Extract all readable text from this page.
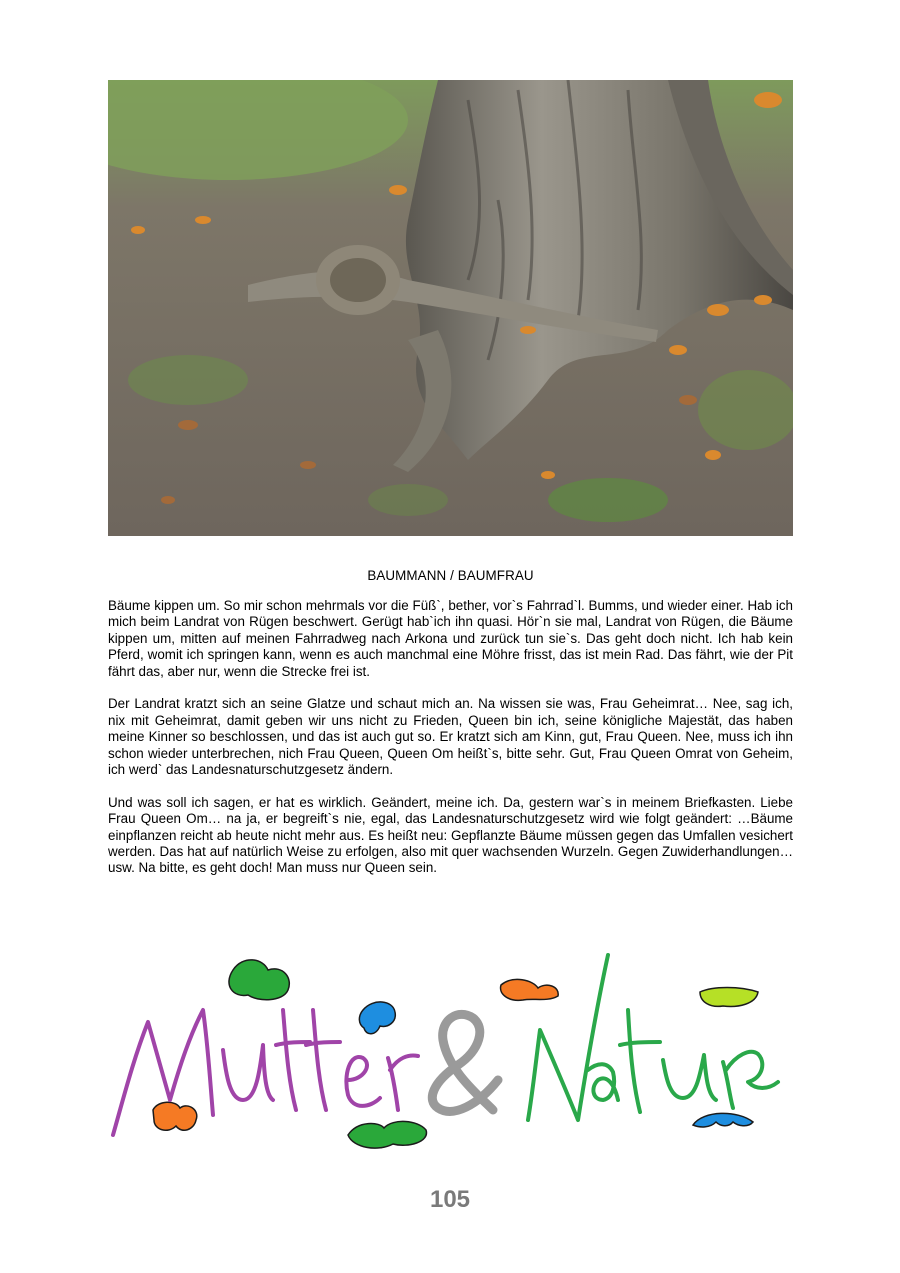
BAUMMANN / BAUMFRAU

Bäume kippen um. So mir schon mehrmals vor die Füß`, bether, vor`s Fahrrad`l. Bumms, und wieder einer. Hab ich mich beim Landrat von Rügen beschwert. Gerügt hab`ich ihn quasi. Hör`n sie mal, Landrat von Rügen, die Bäume kippen um, mitten auf meinen Fahrradweg nach Arkona und zurück tun sie`s. Das geht doch nicht. Ich hab kein Pferd, womit ich springen kann, wenn es auch manchmal eine Möhre frisst, das ist mein Rad. Das fährt, wie der Pit fährt das, aber nur, wenn die Strecke frei ist.

Der Landrat kratzt sich an seine Glatze und schaut mich an. Na wissen sie was, Frau Geheimrat… Nee, sag ich, nix mit Geheimrat, damit geben wir uns nicht zu Frieden, Queen bin ich, seine königliche Majestät, das haben meine Kinner so beschlossen, und das ist auch gut so. Er kratzt sich am Kinn, gut, Frau Queen. Nee, muss ich ihn schon wieder unterbrechen, nich Frau Queen, Queen Om heißt`s, bitte sehr. Gut, Frau Queen Omrat von Geheim, ich werd` das Landesnaturschutzgesetz ändern.

Und was soll ich sagen, er hat es wirklich. Geändert, meine ich. Da, gestern war`s in meinem Briefkasten. Liebe Frau Queen Om… na ja, er begreift`s nie, egal, das Landesnaturschutzgesetz wird wie folgt geändert: …Bäume einpflanzen reicht ab heute nicht mehr aus. Es heißt neu: Gepflanzte Bäume müssen gegen das Umfallen vesichert werden. Das hat auf natürlich Weise zu erfolgen, also mit quer wachsenden Wurzeln. Gegen Zuwiderhandlungen… usw. Na bitte, es geht doch! Man muss nur Queen sein.

105
